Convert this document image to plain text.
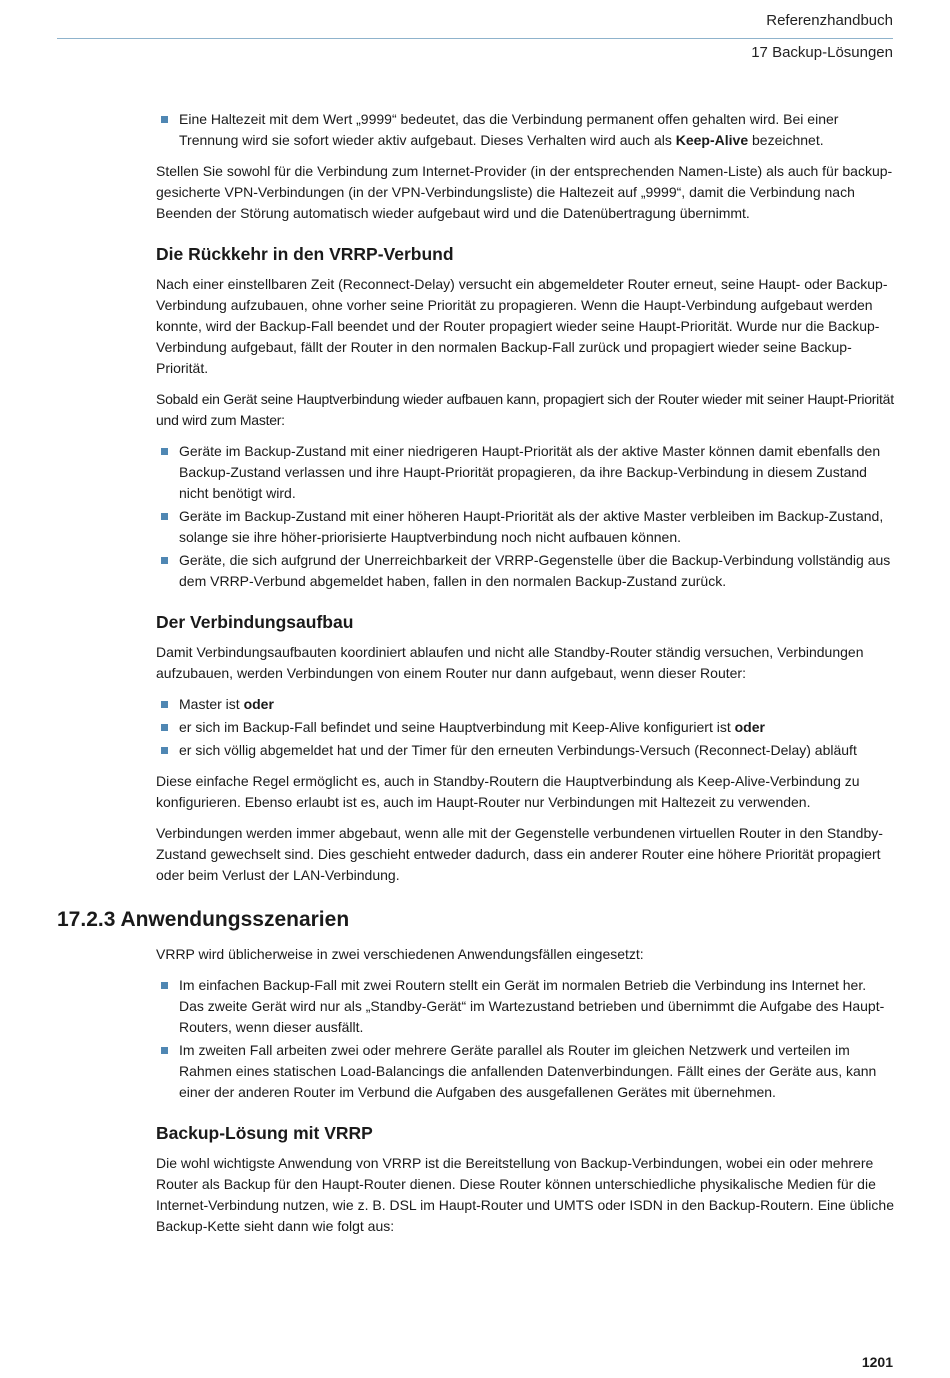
Referenzhandbuch
17 Backup-Lösungen
Eine Haltezeit mit dem Wert „9999“ bedeutet, das die Verbindung permanent offen gehalten wird. Bei einer Trennung wird sie sofort wieder aktiv aufgebaut. Dieses Verhalten wird auch als Keep-Alive bezeichnet.

Stellen Sie sowohl für die Verbindung zum Internet-Provider (in der entsprechenden Namen-Liste) als auch für backup-gesicherte VPN-Verbindungen (in der VPN-Verbindungsliste) die Haltezeit auf „9999“, damit die Verbindung nach Beenden der Störung automatisch wieder aufgebaut wird und die Datenübertragung übernimmt.

Die Rückkehr in den VRRP-Verbund

Nach einer einstellbaren Zeit (Reconnect-Delay) versucht ein abgemeldeter Router erneut, seine Haupt- oder Backup-Verbindung aufzubauen, ohne vorher seine Priorität zu propagieren. Wenn die Haupt-Verbindung aufgebaut werden konnte, wird der Backup-Fall beendet und der Router propagiert wieder seine Haupt-Priorität. Wurde nur die Backup-Verbindung aufgebaut, fällt der Router in den normalen Backup-Fall zurück und propagiert wieder seine Backup-Priorität.

Sobald ein Gerät seine Hauptverbindung wieder aufbauen kann, propagiert sich der Router wieder mit seiner Haupt-Priorität und wird zum Master:

Geräte im Backup-Zustand mit einer niedrigeren Haupt-Priorität als der aktive Master können damit ebenfalls den Backup-Zustand verlassen und ihre Haupt-Priorität propagieren, da ihre Backup-Verbindung in diesem Zustand nicht benötigt wird.
Geräte im Backup-Zustand mit einer höheren Haupt-Priorität als der aktive Master verbleiben im Backup-Zustand, solange sie ihre höher-priorisierte Hauptverbindung noch nicht aufbauen können.
Geräte, die sich aufgrund der Unerreichbarkeit der VRRP-Gegenstelle über die Backup-Verbindung vollständig aus dem VRRP-Verbund abgemeldet haben, fallen in den normalen Backup-Zustand zurück.
Der Verbindungsaufbau

Damit Verbindungsaufbauten koordiniert ablaufen und nicht alle Standby-Router ständig versuchen, Verbindungen aufzubauen, werden Verbindungen von einem Router nur dann aufgebaut, wenn dieser Router:

Master ist oder
er sich im Backup-Fall befindet und seine Hauptverbindung mit Keep-Alive konfiguriert ist oder
er sich völlig abgemeldet hat und der Timer für den erneuten Verbindungs-Versuch (Reconnect-Delay) abläuft

Diese einfache Regel ermöglicht es, auch in Standby-Routern die Hauptverbindung als Keep-Alive-Verbindung zu konfigurieren. Ebenso erlaubt ist es, auch im Haupt-Router nur Verbindungen mit Haltezeit zu verwenden.

Verbindungen werden immer abgebaut, wenn alle mit der Gegenstelle verbundenen virtuellen Router in den Standby-Zustand gewechselt sind. Dies geschieht entweder dadurch, dass ein anderer Router eine höhere Priorität propagiert oder beim Verlust der LAN-Verbindung.

17.2.3 Anwendungsszenarien

VRRP wird üblicherweise in zwei verschiedenen Anwendungsfällen eingesetzt:

Im einfachen Backup-Fall mit zwei Routern stellt ein Gerät im normalen Betrieb die Verbindung ins Internet her. Das zweite Gerät wird nur als „Standby-Gerät“ im Wartezustand betrieben und übernimmt die Aufgabe des Haupt-Routers, wenn dieser ausfällt.
Im zweiten Fall arbeiten zwei oder mehrere Geräte parallel als Router im gleichen Netzwerk und verteilen im Rahmen eines statischen Load-Balancings die anfallenden Datenverbindungen. Fällt eines der Geräte aus, kann einer der anderen Router im Verbund die Aufgaben des ausgefallenen Gerätes mit übernehmen.
Backup-Lösung mit VRRP

Die wohl wichtigste Anwendung von VRRP ist die Bereitstellung von Backup-Verbindungen, wobei ein oder mehrere Router als Backup für den Haupt-Router dienen. Diese Router können unterschiedliche physikalische Medien für die Internet-Verbindung nutzen, wie z. B. DSL im Haupt-Router und UMTS oder ISDN in den Backup-Routern. Eine übliche Backup-Kette sieht dann wie folgt aus:

1201
